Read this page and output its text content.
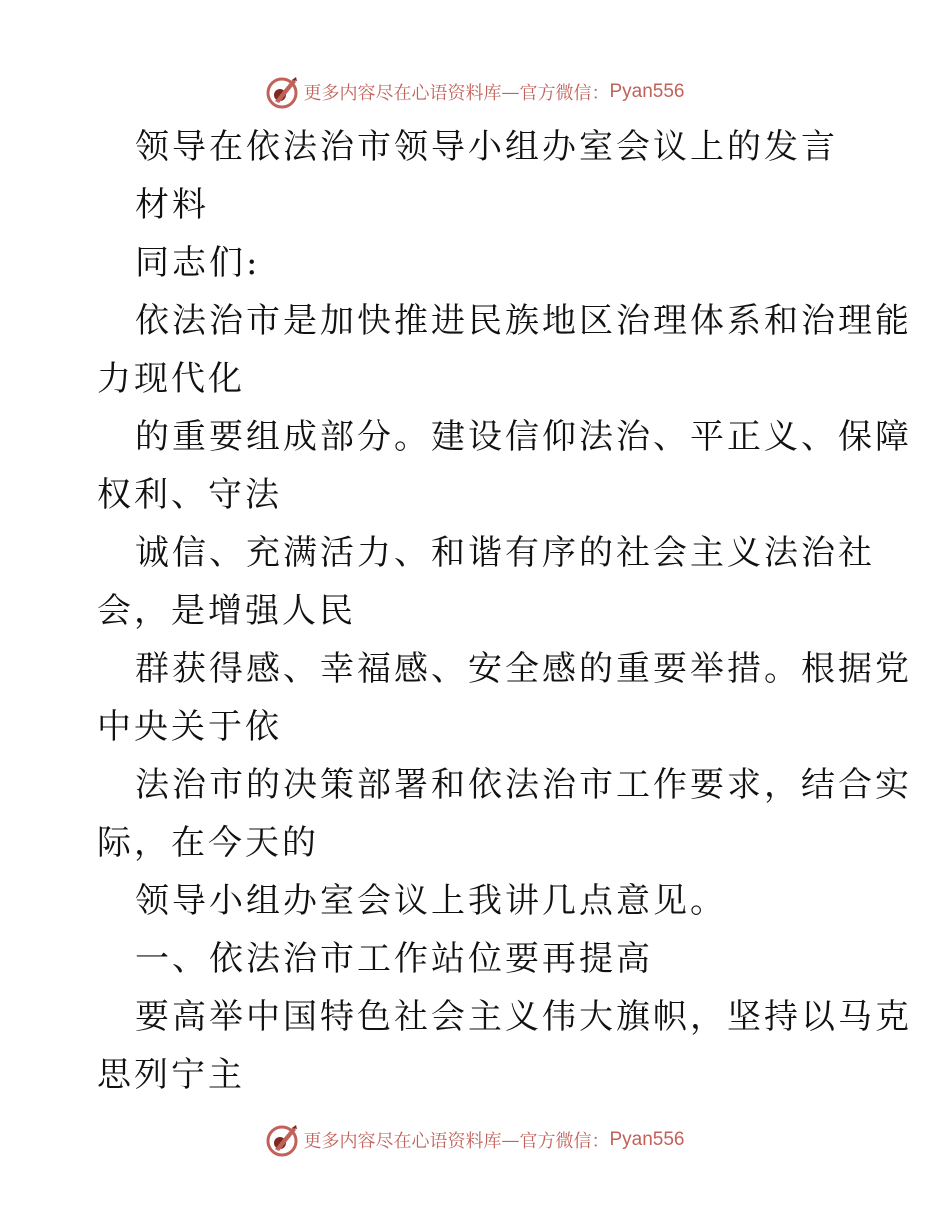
更多内容尽在心语资料库 — 官方微信： Pyan556
领导在依法治市领导小组办室会议上的发言
材料
同志们:
依法治市是加快推进民族地区治理体系和治理能
力现代化
的重要组成部分。建设信仰法治、平正义、保障
权利、守法
诚信、充满活力、和谐有序的社会主义法治社
会，是增强人民
群获得感、幸福感、安全感的重要举措。根据党
中央关于依
法治市的决策部署和依法治市工作要求，结合实
际，在今天的
领导小组办室会议上我讲几点意见。
一、依法治市工作站位要再提高
要高举中国特色社会主义伟大旗帜，坚持以马克
思列宁主
更多内容尽在心语资料库 — 官方微信： Pyan556
